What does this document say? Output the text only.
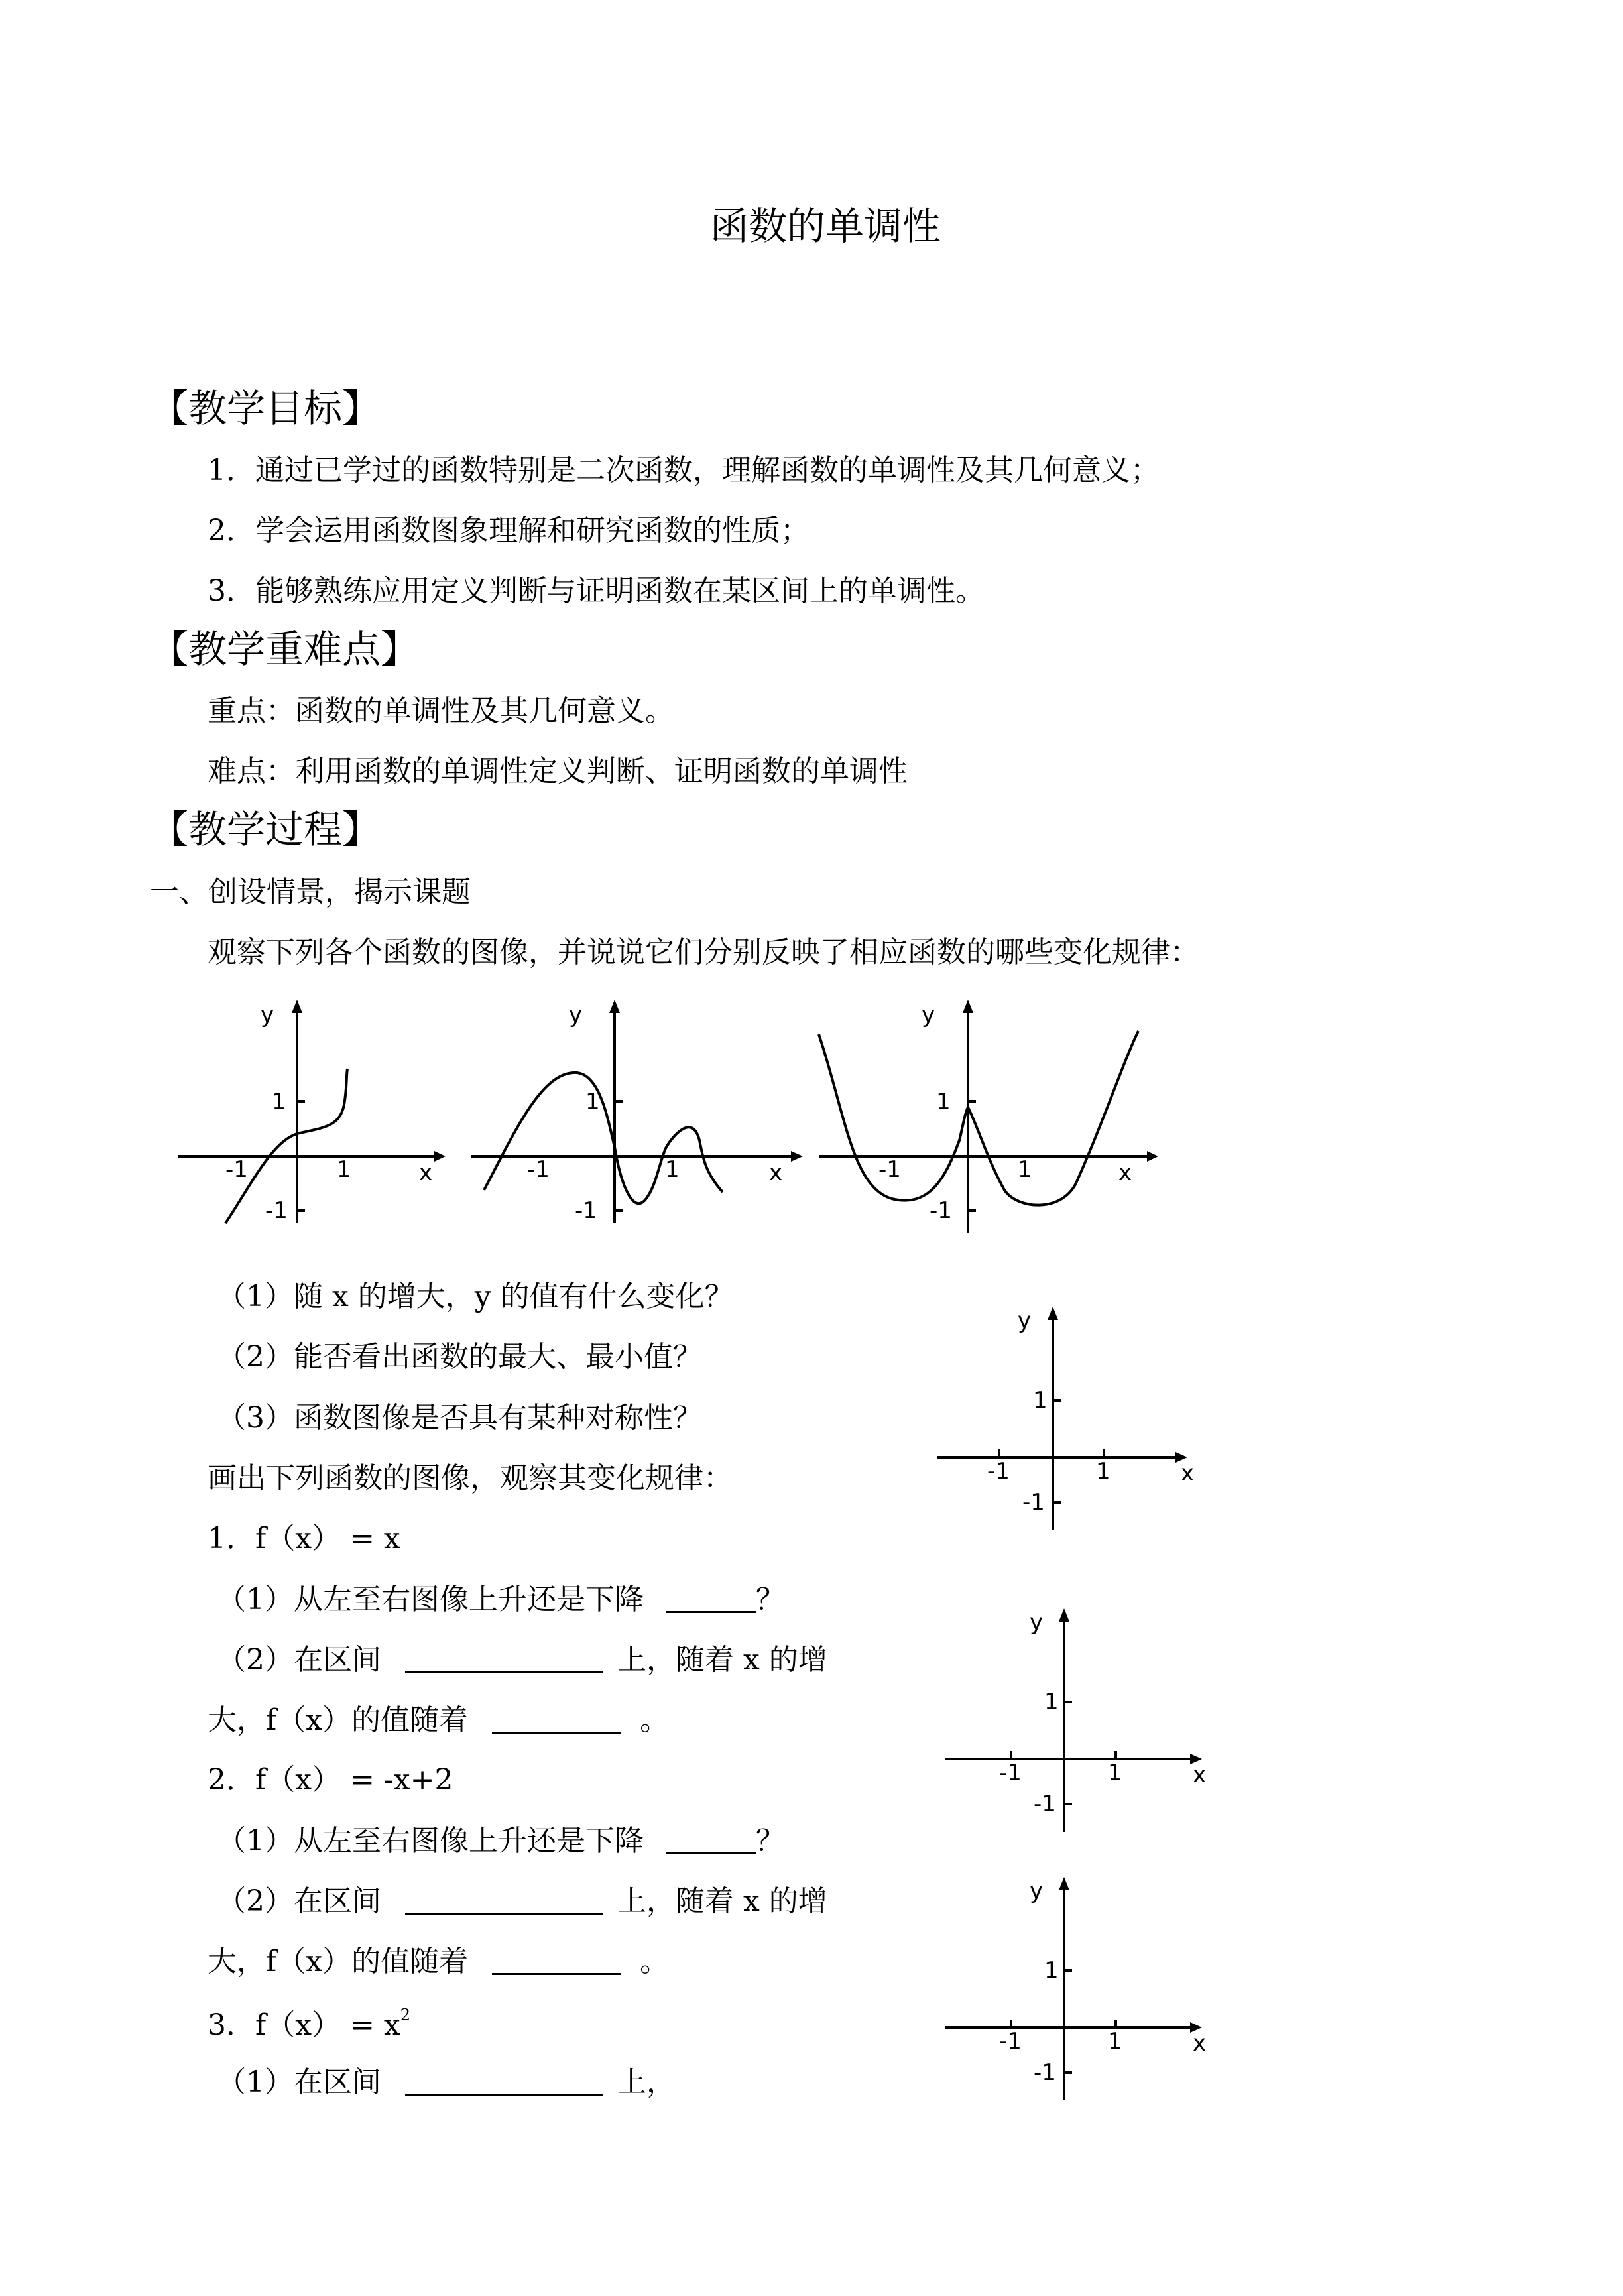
函数的单调性
【教学目标】
1．通过已学过的函数特别是二次函数，理解函数的单调性及其几何意义；
2．学会运用函数图象理解和研究函数的性质；
3．能够熟练应用定义判断与证明函数在某区间上的单调性。
【教学重难点】
重点：函数的单调性及其几何意义。
难点：利用函数的单调性定义判断、证明函数的单调性
【教学过程】
一、创设情景，揭示课题
观察下列各个函数的图像，并说说它们分别反映了相应函数的哪些变化规律：
y
x
1
-1	1
-1
y
x
1
-1	1
-1
y
x
1
-1	1
-1
（1）随 x 的增大，y 的值有什么变化？
（2）能否看出函数的最大、最小值？
（3）函数图像是否具有某种对称性？
画出下列函数的图像，观察其变化规律：
1．f（x） = x
（1）从左至右图像上升还是下降	？
（2）在区间	上，随着 x 的增
大，f（x）的值随着	。
2．f（x） = -x+2
（1）从左至右图像上升还是下降	？
（2）在区间	上，随着 x 的增
大，f（x）的值随着	。
3．$f(x) = x^2$
（1）在区间	上，
y
x
1
-1	1
-1
y
x
1
-1	1
-1
y
x
1
-1	1
-1
